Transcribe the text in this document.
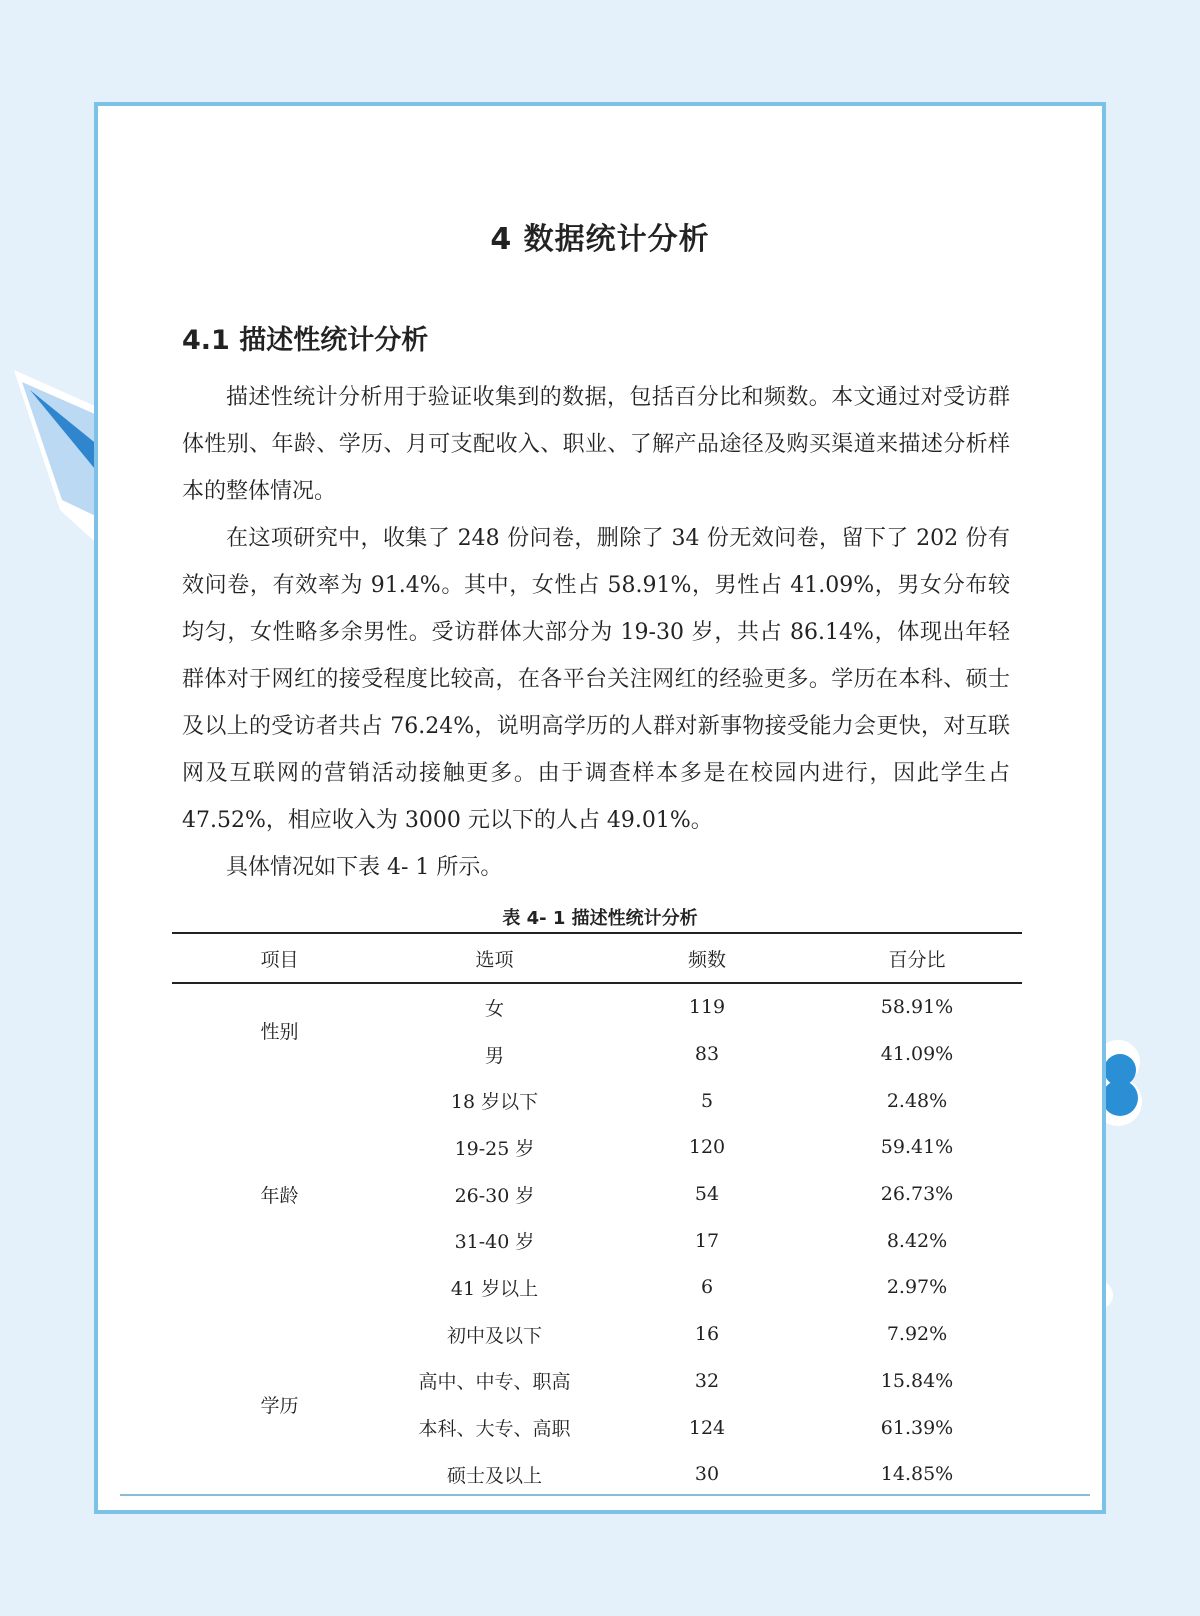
4 数据统计分析
4.1 描述性统计分析

描述性统计分析用于验证收集到的数据，包括百分比和频数。本文通过对受访群体性别、年龄、学历、月可支配收入、职业、了解产品途径及购买渠道来描述分析样本的整体情况。

在这项研究中，收集了 248 份问卷，删除了 34 份无效问卷，留下了 202 份有效问卷，有效率为 91.4%。其中，女性占 58.91%，男性占 41.09%，男女分布较均匀，女性略多余男性。受访群体大部分为 19-30 岁，共占 86.14%，体现出年轻群体对于网红的接受程度比较高，在各平台关注网红的经验更多。学历在本科、硕士及以上的受访者共占 76.24%，说明高学历的人群对新事物接受能力会更快，对互联网及互联网的营销活动接触更多。由于调查样本多是在校园内进行，因此学生占 47.52%，相应收入为 3000 元以下的人占 49.01%。

具体情况如下表 4- 1 所示。

表 4- 1 描述性统计分析
项目	选项	频数	百分比
性别	女	119	58.91%
	男	83	41.09%
年龄	18 岁以下	5	2.48%
	19-25 岁	120	59.41%
	26-30 岁	54	26.73%
	31-40 岁	17	8.42%
	41 岁以上	6	2.97%
学历	初中及以下	16	7.92%
	高中、中专、职高	32	15.84%
	本科、大专、高职	124	61.39%
	硕士及以上	30	14.85%
